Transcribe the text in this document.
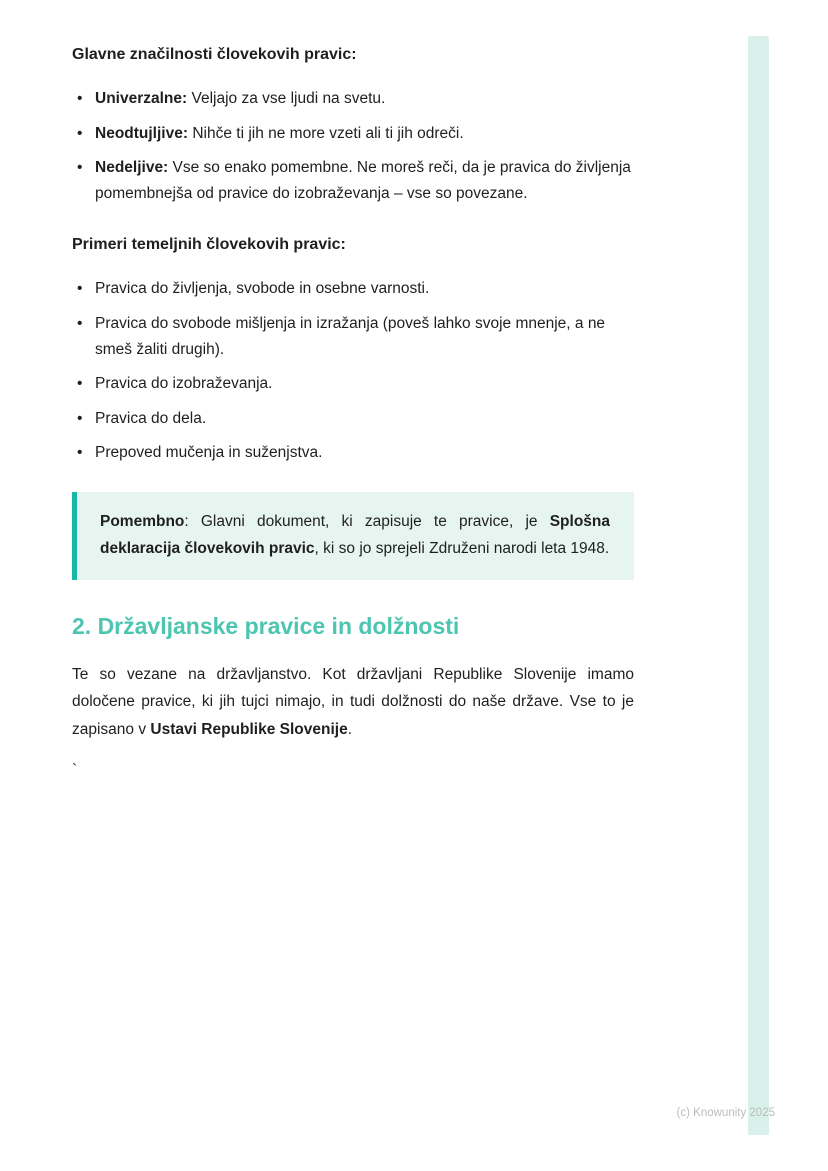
Glavne značilnosti človekovih pravic:
• Univerzalne: Veljajo za vse ljudi na svetu.
• Neodtujljive: Nihče ti jih ne more vzeti ali ti jih odreči.
• Nedeljive: Vse so enako pomembne. Ne moreš reči, da je pravica do življenja pomembnejša od pravice do izobraževanja – vse so povezane.
Primeri temeljnih človekovih pravic:
• Pravica do življenja, svobode in osebne varnosti.
• Pravica do svobode mišljenja in izražanja (poveš lahko svoje mnenje, a ne smeš žaliti drugih).
• Pravica do izobraževanja.
• Pravica do dela.
• Prepoved mučenja in suženjstva.
Pomembno: Glavni dokument, ki zapisuje te pravice, je Splošna deklaracija človekovih pravic, ki so jo sprejeli Združeni narodi leta 1948.
2. Državljanske pravice in dolžnosti

Te so vezane na državljanstvo. Kot državljani Republike Slovenije imamo določene pravice, ki jih tujci nimajo, in tudi dolžnosti do naše države. Vse to je zapisano v Ustavi Republike Slovenije.

`

(c) Knowunity 2025
